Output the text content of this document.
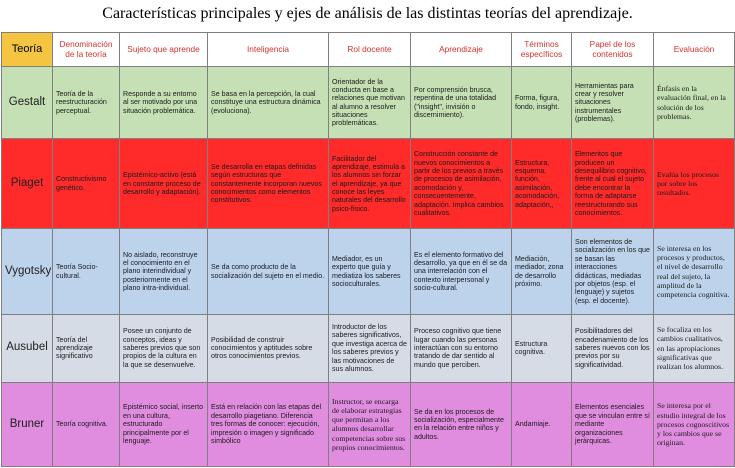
Características principales y ejes de análisis de las distintas teorías del aprendizaje.
Teoría	Denominación de la teoría	Sujeto que aprende	Inteligencia	Rol docente	Aprendizaje	Términos específicos	Papel de los contenidos	Evaluación
Gestalt	Teoría de la reestructuración perceptual.	Responde a su entorno al ser motivado por una situación problemática.	Se basa en la percepción, la cual constituye una estructura dinámica (evoluciona).	Orientador de la conducta en base a relaciones que motivan al alumno a resolver situaciones problemáticas.	Por comprensión brusca, repentina de una totalidad ("insight", invisión o discernimiento).	Forma, figura, fondo, insight.	Herramientas para crear y resolver situaciones instrumentales (problemas).	Énfasis en la evaluación final, en la solución de los problemas.
Piaget	Constructivismo genético.	Epistémico-activo (está en constante proceso de desarrollo y adaptación).	Se desarrolla en etapas definidas según estructuras que constantemente incorporan nuevos conocimientos como elementos constitutivos.	Facilitador del aprendizaje, estimula a los alumnos sin forzar el aprendizaje, ya que conoce las leyes naturales del desarrollo psico-físico.	Construcción constante de nuevos conocimientos a partir de los previos a través de procesos de asimilación, acomodación y, consecuentemente, adaptación. Implica cambios cualitativos.	Estructura, esquema, función, asimilación, acomodación, adaptación,,	Elementos que producen un desequilibrio cognitivo, frente al cual el sujeto debe encontrar la forma de adaptarse reestructurando sus conocimientos.	Evalúa los procesos por sobre los resultados.
Vygotsky	Teoría Socio-cultural.	No aislado, reconstruye el conocimiento en el plano interindividual y posteriormente en el plano intra-individual.	Se da como producto de la socialización del sujeto en el medio.	Mediador, es un experto que guía y mediatiza los saberes socioculturales.	Es el elemento formativo del desarrollo, ya que en él se da una interrelación con el contexto interpersonal y socio-cultural.	Mediación, mediador, zona de desarrollo próximo.	Son elementos de socialización en los que se basan las interacciones didácticas, mediadas por objetos (esp. el lenguaje) y sujetos (esp. el docente).	Se interesa en los procesos y productos, el nivel de desarrollo real del sujeto, la amplitud de la competencia cognitiva.
Ausubel	Teoría del aprendizaje significativo	Posee un conjunto de conceptos, ideas y saberes previos que son propios de la cultura en la que se desenvuelve.	Posibilidad de construir conocimientos y aptitudes sobre otros conocimientos previos.	Introductor de los saberes significativos, que investiga acerca de los saberes previos y las motivaciones de sus alumnos.	Proceso cognitivo que tiene lugar cuando las personas interactúan con su entorno tratando de dar sentido al mundo que perciben.	Estructura cognitiva.	Posibilitadores del encadenamiento de los saberes nuevos con los previos por su significatividad.	Se focaliza en los cambios cualitativos, en las apropiaciones significativas que realizan los alumnos.
Bruner	Teoría cognitiva.	Epistémico social, inserto en una cultura, estructurado principalmente por el lenguaje.	Está en relación con las etapas del desarrollo piagetiano. Diferencia tres formas de conocer: ejecución, impresión o imagen y significado simbólico	Instructor, se encarga de elaborar estrategias que permitan a los alumnos desarrollar competencias sobre sus propios conocimientos.	Se da en los procesos de socialización, especialmente en la relación entre niños y adultos.	Andamiaje.	Elementos esenciales que se vinculan entre sí mediante organizaciones jerárquicas.	Se interesa por el estudio integral de los procesos cognoscitivos y los cambios que se originan.
